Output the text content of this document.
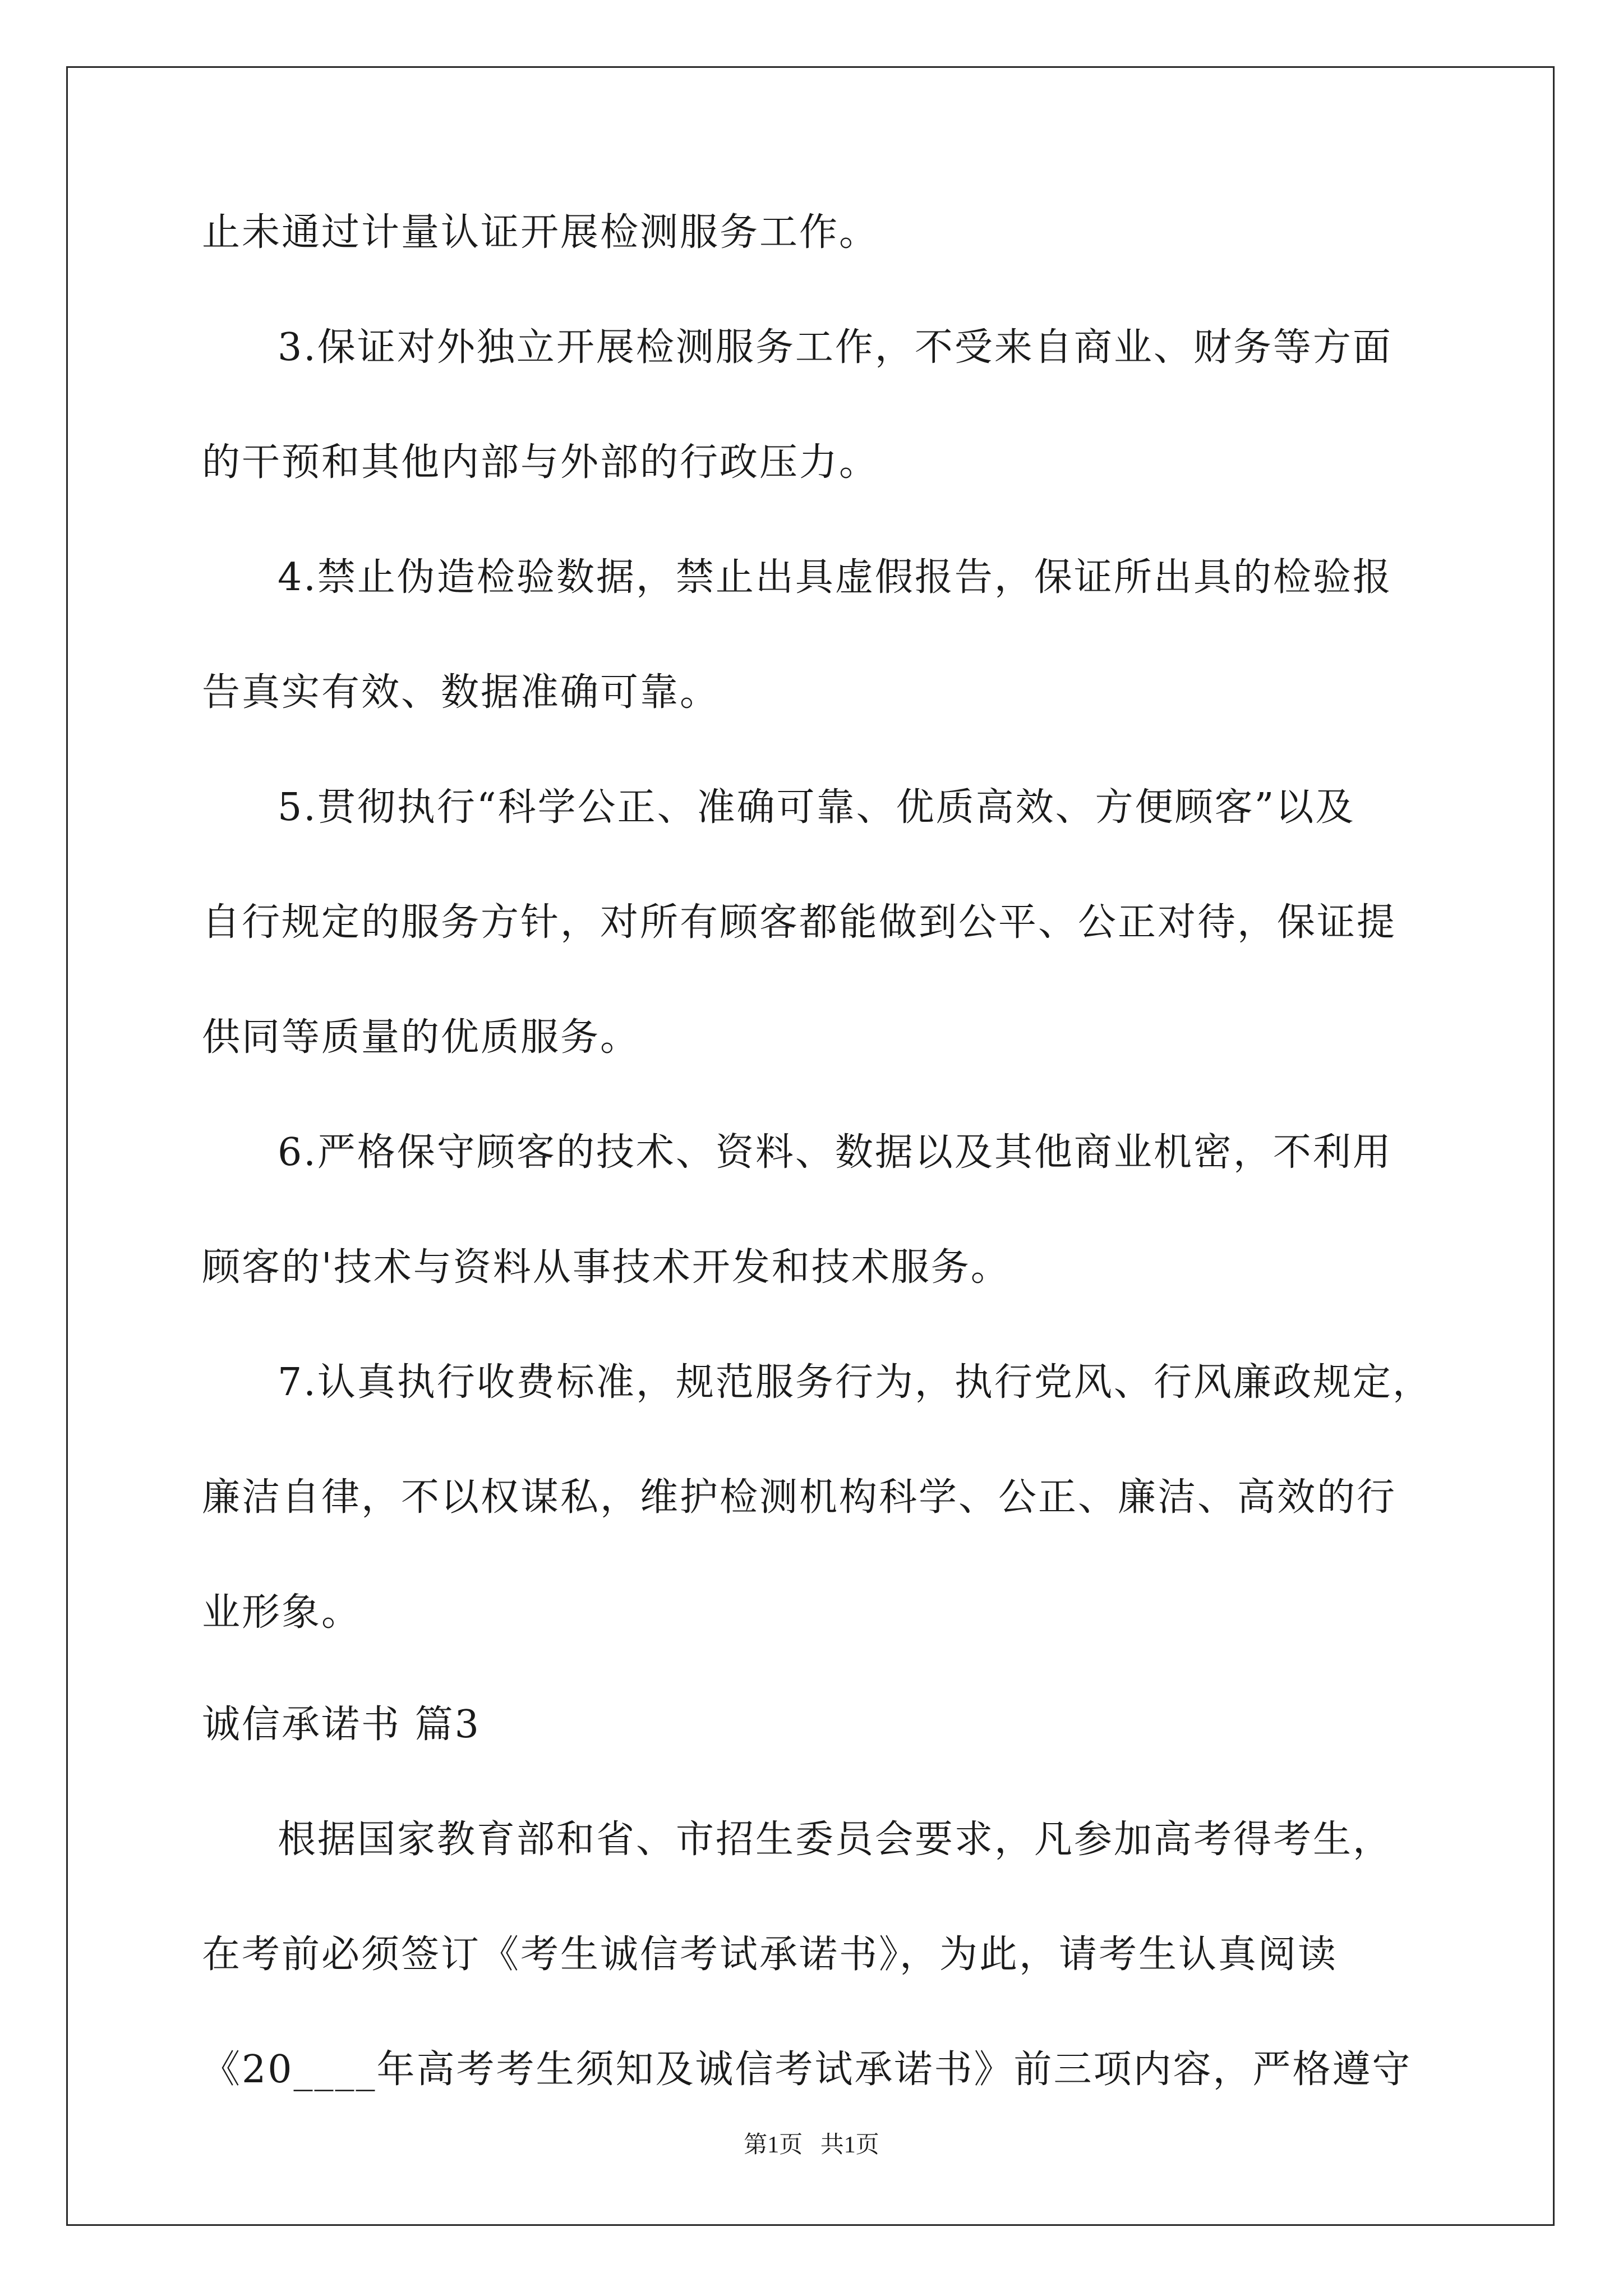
止未通过计量认证开展检测服务工作。
3.保证对外独立开展检测服务工作，不受来自商业、财务等方面
的干预和其他内部与外部的行政压力。
4.禁止伪造检验数据，禁止出具虚假报告，保证所出具的检验报
告真实有效、数据准确可靠。
5.贯彻执行“科学公正、准确可靠、优质高效、方便顾客”以及
自行规定的服务方针，对所有顾客都能做到公平、公正对待，保证提
供同等质量的优质服务。
6.严格保守顾客的技术、资料、数据以及其他商业机密，不利用
顾客的'技术与资料从事技术开发和技术服务。
7.认真执行收费标准，规范服务行为，执行党风、行风廉政规定，
廉洁自律，不以权谋私，维护检测机构科学、公正、廉洁、高效的行
业形象。
诚信承诺书 篇3
根据国家教育部和省、市招生委员会要求，凡参加高考得考生，
在考前必须签订《考生诚信考试承诺书》，为此，请考生认真阅读
《20____年高考考生须知及诚信考试承诺书》前三项内容，严格遵守
第1页   共1页
